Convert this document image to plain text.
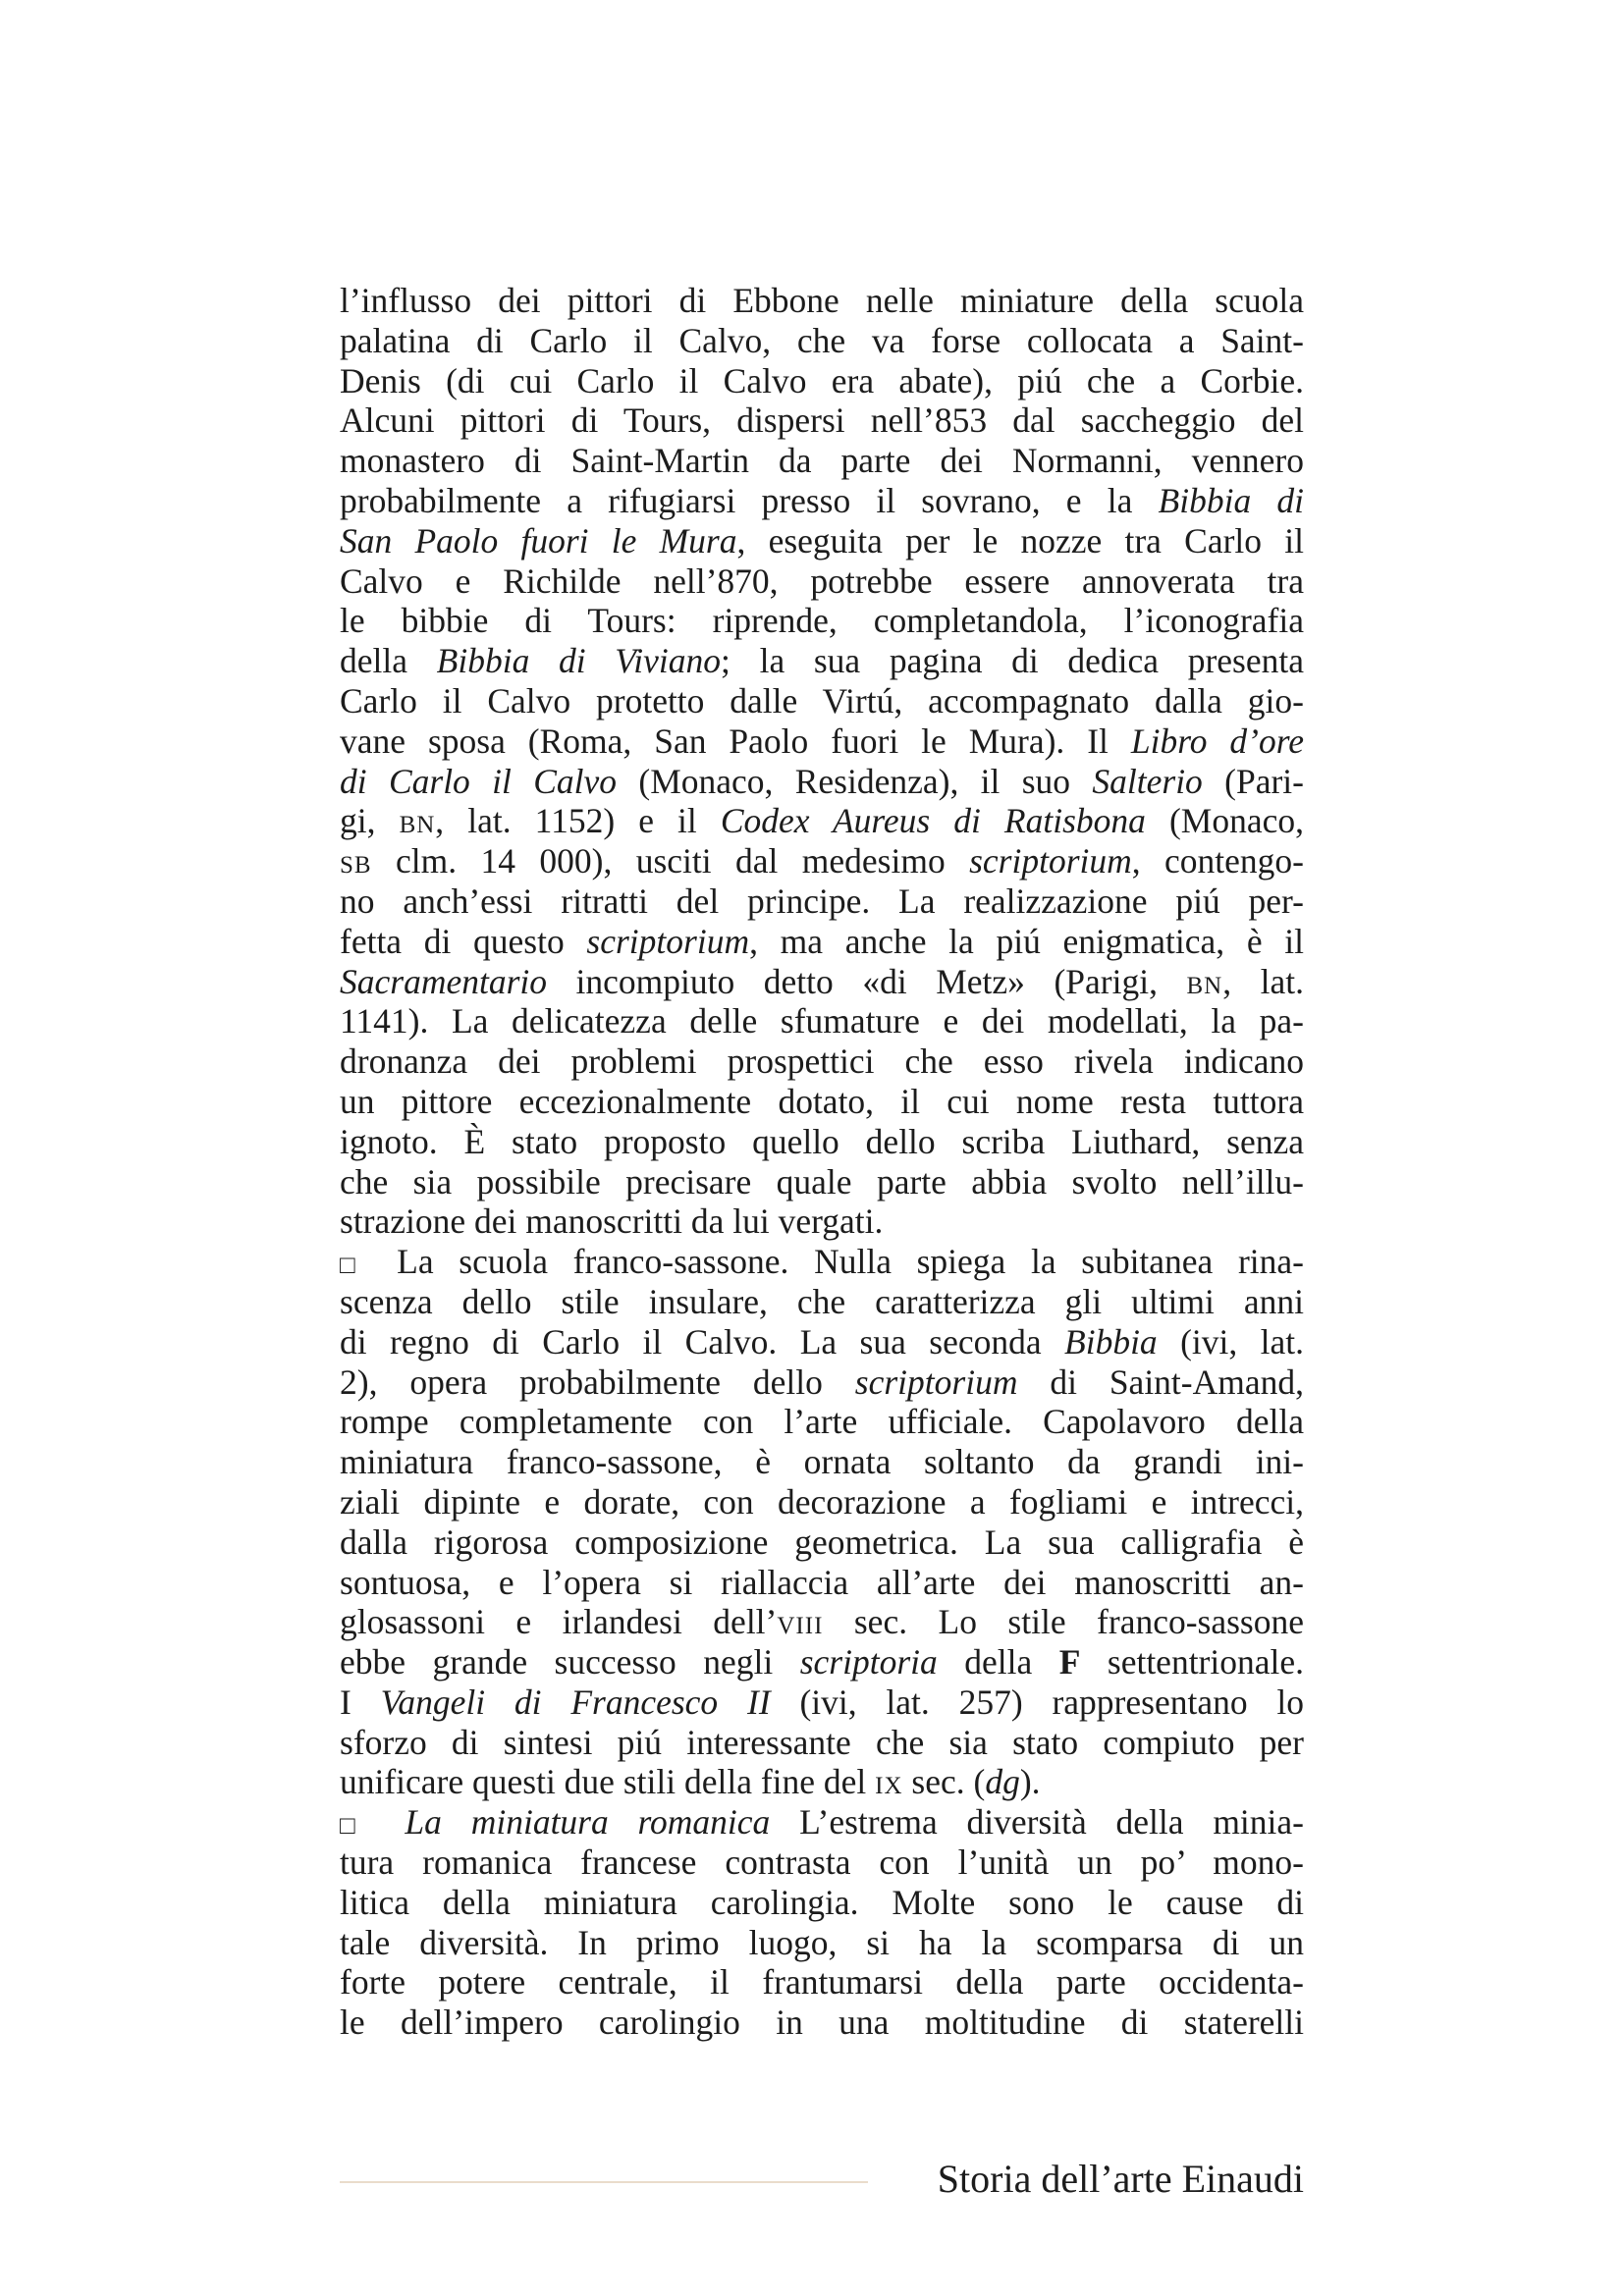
l’influsso dei pittori di Ebbone nelle miniature della scuola
palatina di Carlo il Calvo, che va forse collocata a Saint-
Denis (di cui Carlo il Calvo era abate), piú che a Corbie.
Alcuni pittori di Tours, dispersi nell’853 dal saccheggio del
monastero di Saint-Martin da parte dei Normanni, vennero
probabilmente a rifugiarsi presso il sovrano, e la Bibbia di
San Paolo fuori le Mura, eseguita per le nozze tra Carlo il
Calvo e Richilde nell’870, potrebbe essere annoverata tra
le bibbie di Tours: riprende, completandola, l’iconografia
della Bibbia di Viviano; la sua pagina di dedica presenta
Carlo il Calvo protetto dalle Virtú, accompagnato dalla gio-
vane sposa (Roma, San Paolo fuori le Mura). Il Libro d’ore
di Carlo il Calvo (Monaco, Residenza), il suo Salterio (Pari-
gi, bn, lat. 1152) e il Codex Aureus di Ratisbona (Monaco,
sb clm. 14 000), usciti dal medesimo scriptorium, contengo-
no anch’essi ritratti del principe. La realizzazione piú per-
fetta di questo scriptorium, ma anche la piú enigmatica, è il
Sacramentario incompiuto detto «di Metz» (Parigi, bn, lat.
1141). La delicatezza delle sfumature e dei modellati, la pa-
dronanza dei problemi prospettici che esso rivela indicano
un pittore eccezionalmente dotato, il cui nome resta tuttora
ignoto. È stato proposto quello dello scriba Liuthard, senza
che sia possibile precisare quale parte abbia svolto nell’illu-
strazione dei manoscritti da lui vergati.
□ La scuola franco-sassone. Nulla spiega la subitanea rina-
scenza dello stile insulare, che caratterizza gli ultimi anni
di regno di Carlo il Calvo. La sua seconda Bibbia (ivi, lat.
2), opera probabilmente dello scriptorium di Saint-Amand,
rompe completamente con l’arte ufficiale. Capolavoro della
miniatura franco-sassone, è ornata soltanto da grandi ini-
ziali dipinte e dorate, con decorazione a fogliami e intrecci,
dalla rigorosa composizione geometrica. La sua calligrafia è
sontuosa, e l’opera si riallaccia all’arte dei manoscritti an-
glosassoni e irlandesi dell’viii sec. Lo stile franco-sassone
ebbe grande successo negli scriptoria della F settentrionale.
I Vangeli di Francesco II (ivi, lat. 257) rappresentano lo
sforzo di sintesi piú interessante che sia stato compiuto per
unificare questi due stili della fine del ix sec. (dg).
□ La miniatura romanica L’estrema diversità della minia-
tura romanica francese contrasta con l’unità un po’ mono-
litica della miniatura carolingia. Molte sono le cause di
tale diversità. In primo luogo, si ha la scomparsa di un
forte potere centrale, il frantumarsi della parte occidenta-
le dell’impero carolingio in una moltitudine di staterelli
Storia dell’arte Einaudi
